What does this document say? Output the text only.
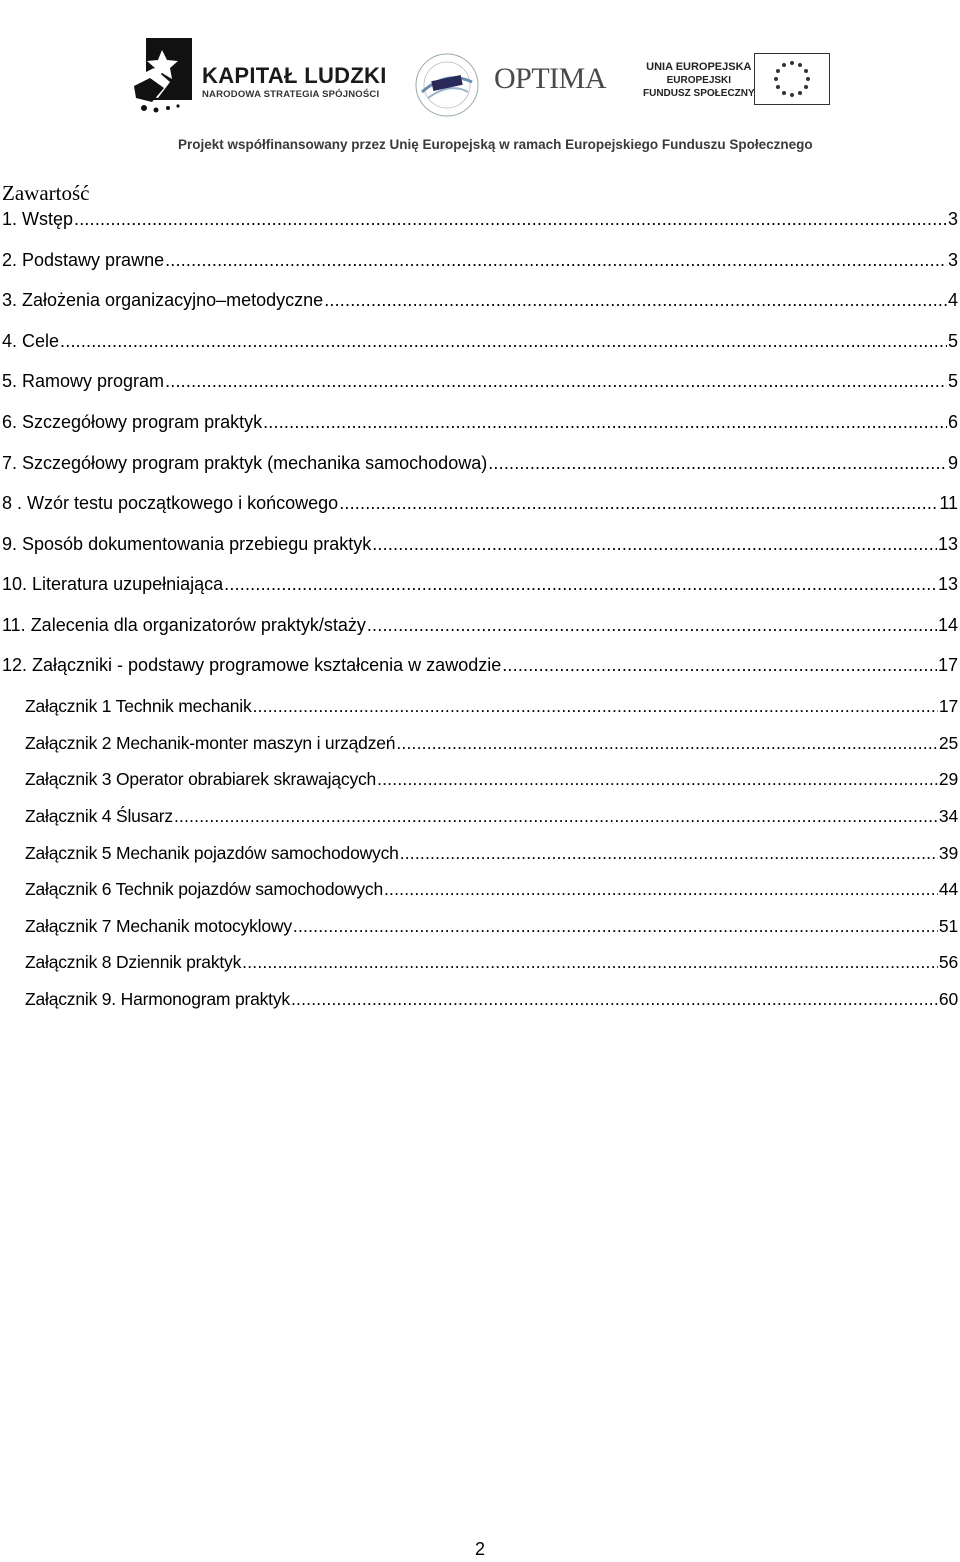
KAPITAŁ LUDZKI
NARODOWA STRATEGIA SPÓJNOŚCI	OPTIMA	UNIA EUROPEJSKA
EUROPEJSKI
FUNDUSZ SPOŁECZNY
Projekt współfinansowany przez Unię Europejską w ramach Europejskiego Funduszu Społecznego
Zawartość
1. Wstęp .....	3
2. Podstawy prawne .....	3
3. Założenia organizacyjno–metodyczne .....	4
4. Cele .....	5
5. Ramowy program .....	5
6. Szczegółowy program praktyk .....	6
7. Szczegółowy program praktyk (mechanika samochodowa) .....	9
8 . Wzór testu początkowego i końcowego .....	11
9. Sposób dokumentowania przebiegu praktyk .....	13
10. Literatura uzupełniająca .....	13
11. Zalecenia dla organizatorów praktyk/staży .....	14
12. Załączniki - podstawy programowe kształcenia w zawodzie .....	17
Załącznik 1 Technik mechanik .....	17
Załącznik 2 Mechanik-monter maszyn i urządzeń .....	25
Załącznik 3 Operator obrabiarek skrawających .....	29
Załącznik 4 Ślusarz .....	34
Załącznik 5 Mechanik pojazdów samochodowych .....	39
Załącznik 6 Technik pojazdów samochodowych .....	44
Załącznik 7 Mechanik motocyklowy .....	51
Załącznik 8 Dziennik praktyk .....	56
Załącznik 9. Harmonogram praktyk .....	60
2
